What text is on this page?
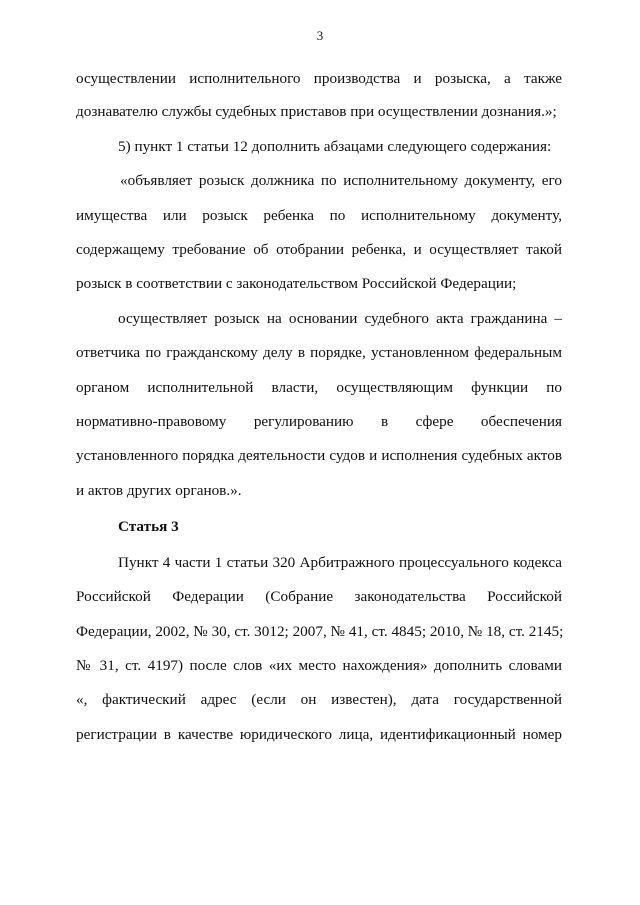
3
осуществлении исполнительного производства и розыска, а также
дознавателю службы судебных приставов при осуществлении дознания.»;
5) пункт 1 статьи 12 дополнить абзацами следующего содержания:
«объявляет розыск должника по исполнительному документу, его
имущества или розыск ребенка по исполнительному документу,
содержащему требование об отобрании ребенка, и осуществляет такой
розыск в соответствии с законодательством Российской Федерации;
осуществляет розыск на основании судебного акта гражданина –
ответчика по гражданскому делу в порядке, установленном федеральным
органом исполнительной власти, осуществляющим функции по
нормативно-правовому регулированию в сфере обеспечения
установленного порядка деятельности судов и исполнения судебных актов
и актов других органов.».
Статья 3
Пункт 4 части 1 статьи 320 Арбитражного процессуального кодекса
Российской Федерации (Собрание законодательства Российской
Федерации, 2002, № 30, ст. 3012; 2007, № 41, ст. 4845; 2010, № 18, ст. 2145;
№ 31, ст. 4197) после слов «их место нахождения» дополнить словами
«, фактический адрес (если он известен), дата государственной
регистрации в качестве юридического лица, идентификационный номер
